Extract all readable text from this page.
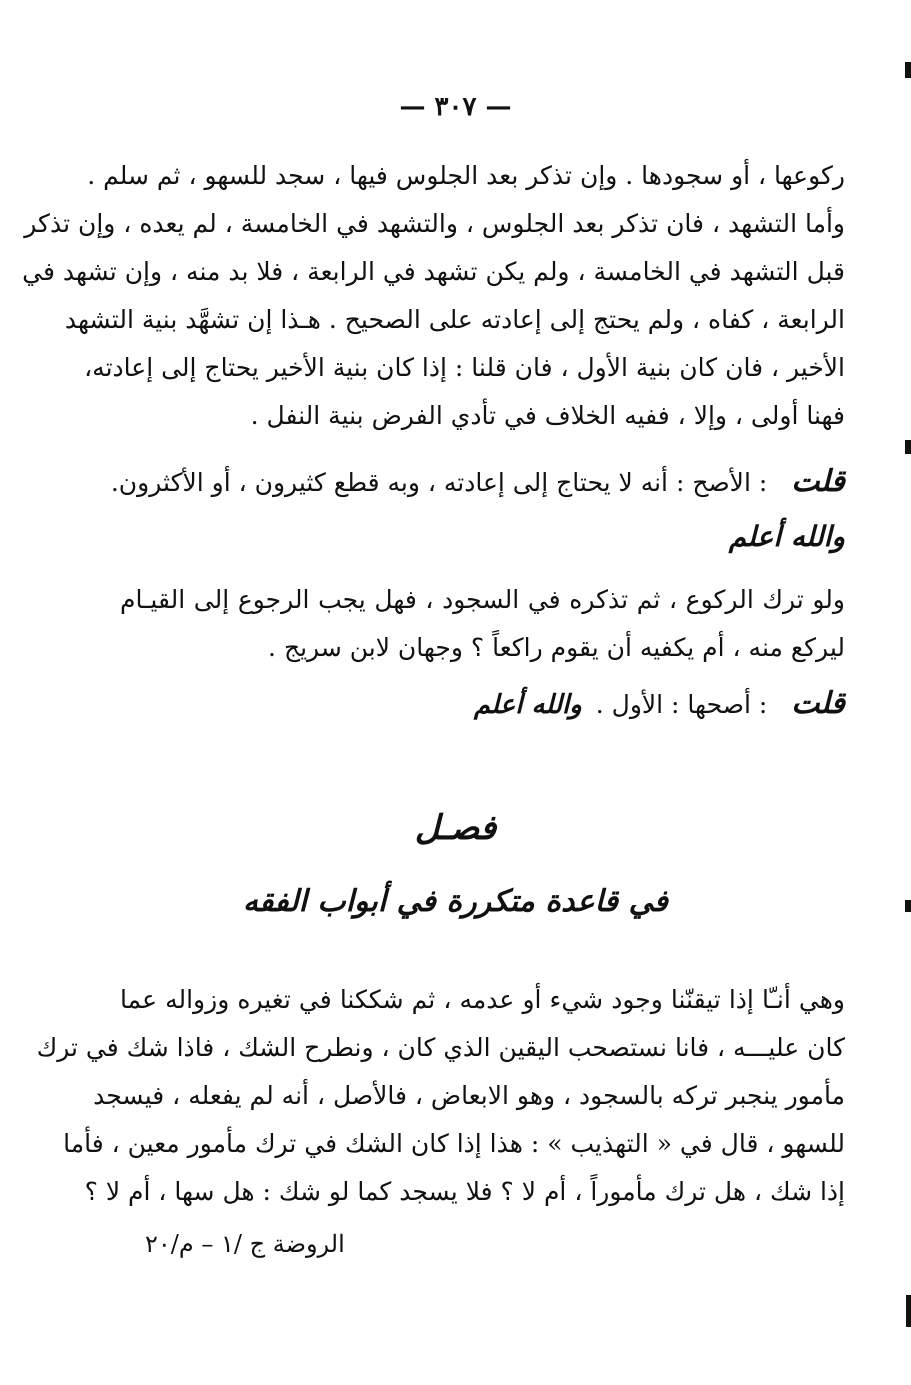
— ٣٠٧ —
ركوعها ، أو سجودها . وإن تذكر بعد الجلوس فيها ، سجد للسهو ، ثم سلم .
وأما التشهد ، فان تذكر بعد الجلوس ، والتشهد في الخامسة ، لم يعده ، وإن تذكر
قبل التشهد في الخامسة ، ولم يكن تشهد في الرابعة ، فلا بد منه ، وإن تشهد في
الرابعة ، كفاه ، ولم يحتج إلى إعادته على الصحيح . هـذا إن تشهَّد بنية التشهد
الأخير ، فان كان بنية الأول ، فان قلنا : إذا كان بنية الأخير يحتاج إلى إعادته،
فهنا أولى ، وإلا ، ففيه الخلاف في تأدي الفرض بنية النفل .
قلت: الأصح : أنه لا يحتاج إلى إعادته ، وبه قطع كثيرون ، أو الأكثرون.
والله أعلم
ولو ترك الركوع ، ثم تذكره في السجود ، فهل يجب الرجوع إلى القيـام
ليركع منه ، أم يكفيه أن يقوم راكعاً ؟ وجهان لابن سريج .
قلت: أصحها : الأول .والله أعلم
فصـل
في قاعدة متكررة في أبواب الفقه
وهي أنـّا إذا تيقنّنا وجود شيء أو عدمه ، ثم شككنا في تغيره وزواله عما
كان عليـــه ، فانا نستصحب اليقين الذي كان ، ونطرح الشك ، فاذا شك في ترك
مأمور ينجبر تركه بالسجود ، وهو الابعاض ، فالأصل ، أنه لم يفعله ، فيسجد
للسهو ، قال في « التهذيب » : هذا إذا كان الشك في ترك مأمور معين ، فأما
إذا شك ، هل ترك مأموراً ، أم لا ؟ فلا يسجد كما لو شك : هل سها ، أم لا ؟
الروضة ج /١ – م/٢٠
